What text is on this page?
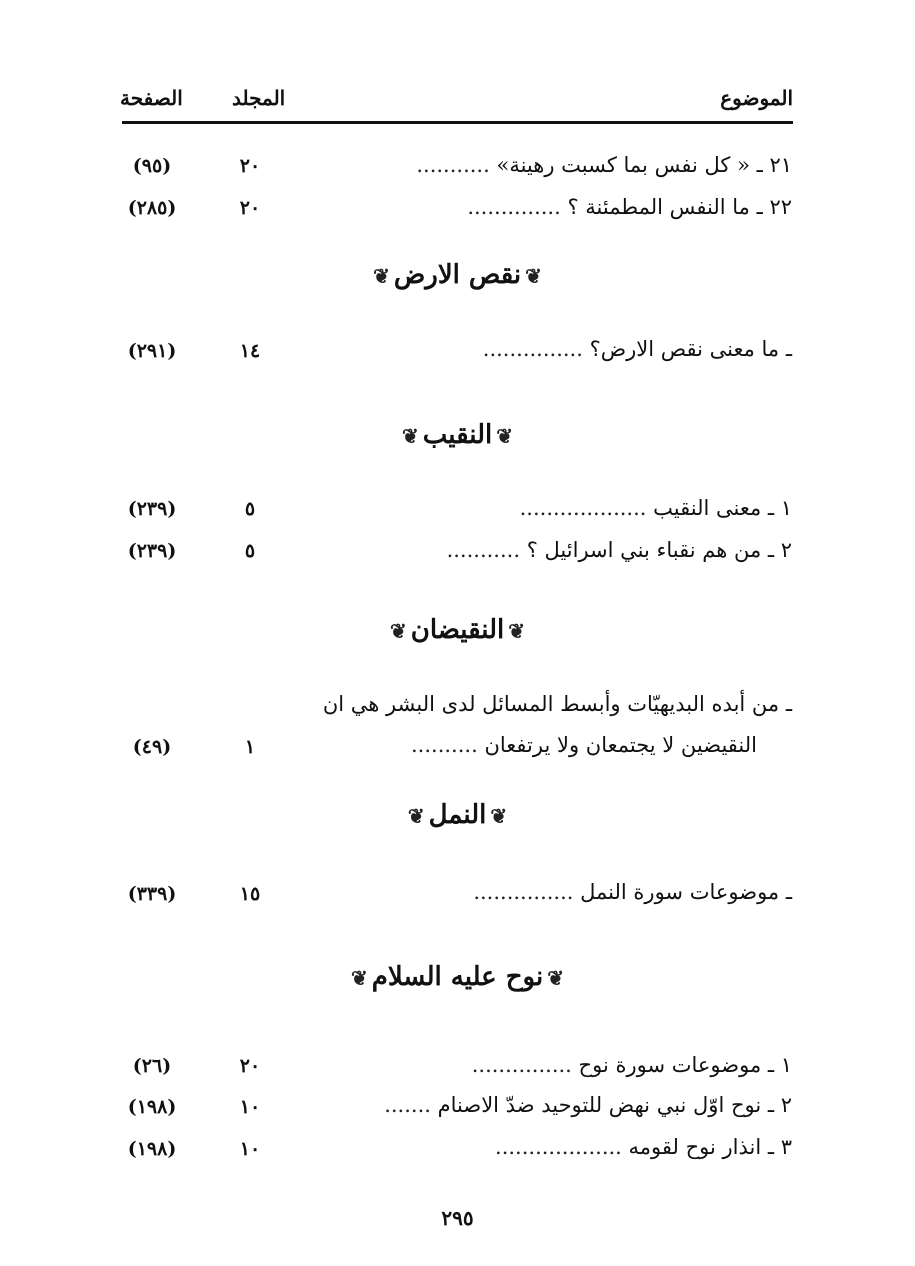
الموضوع
المجلد
الصفحة
٢١ ـ « كل نفس بما كسبت رهينة» ...........
٢٠
(٩٥)
٢٢ ـ ما النفس المطمئنة ؟ ..............
٢٠
(٢٨٥)
❦نقص الارض❦
ـ ما معنى نقص الارض؟ ...............
١٤
(٢٩١)
❦النقيب❦
١ ـ معنى النقيب ...................
٥
(٢٣٩)
٢ ـ من هم نقباء بني اسرائيل ؟ ...........
٥
(٢٣٩)
❦النقيضان❦
ـ من أبده البديهيّات وأبسط المسائل لدى البشر هي ان
النقيضين لا يجتمعان ولا يرتفعان ..........
١
(٤٩)
❦النمل❦
ـ موضوعات سورة النمل ...............
١٥
(٣٣٩)
❦نوح عليه السلام❦
١ ـ موضوعات سورة نوح ...............
٢٠
(٢٦)
٢ ـ نوح اوّل نبي نهض للتوحيد ضدّ الاصنام .......
١٠
(١٩٨)
٣ ـ انذار نوح لقومه ...................
١٠
(١٩٨)
٢٩٥
